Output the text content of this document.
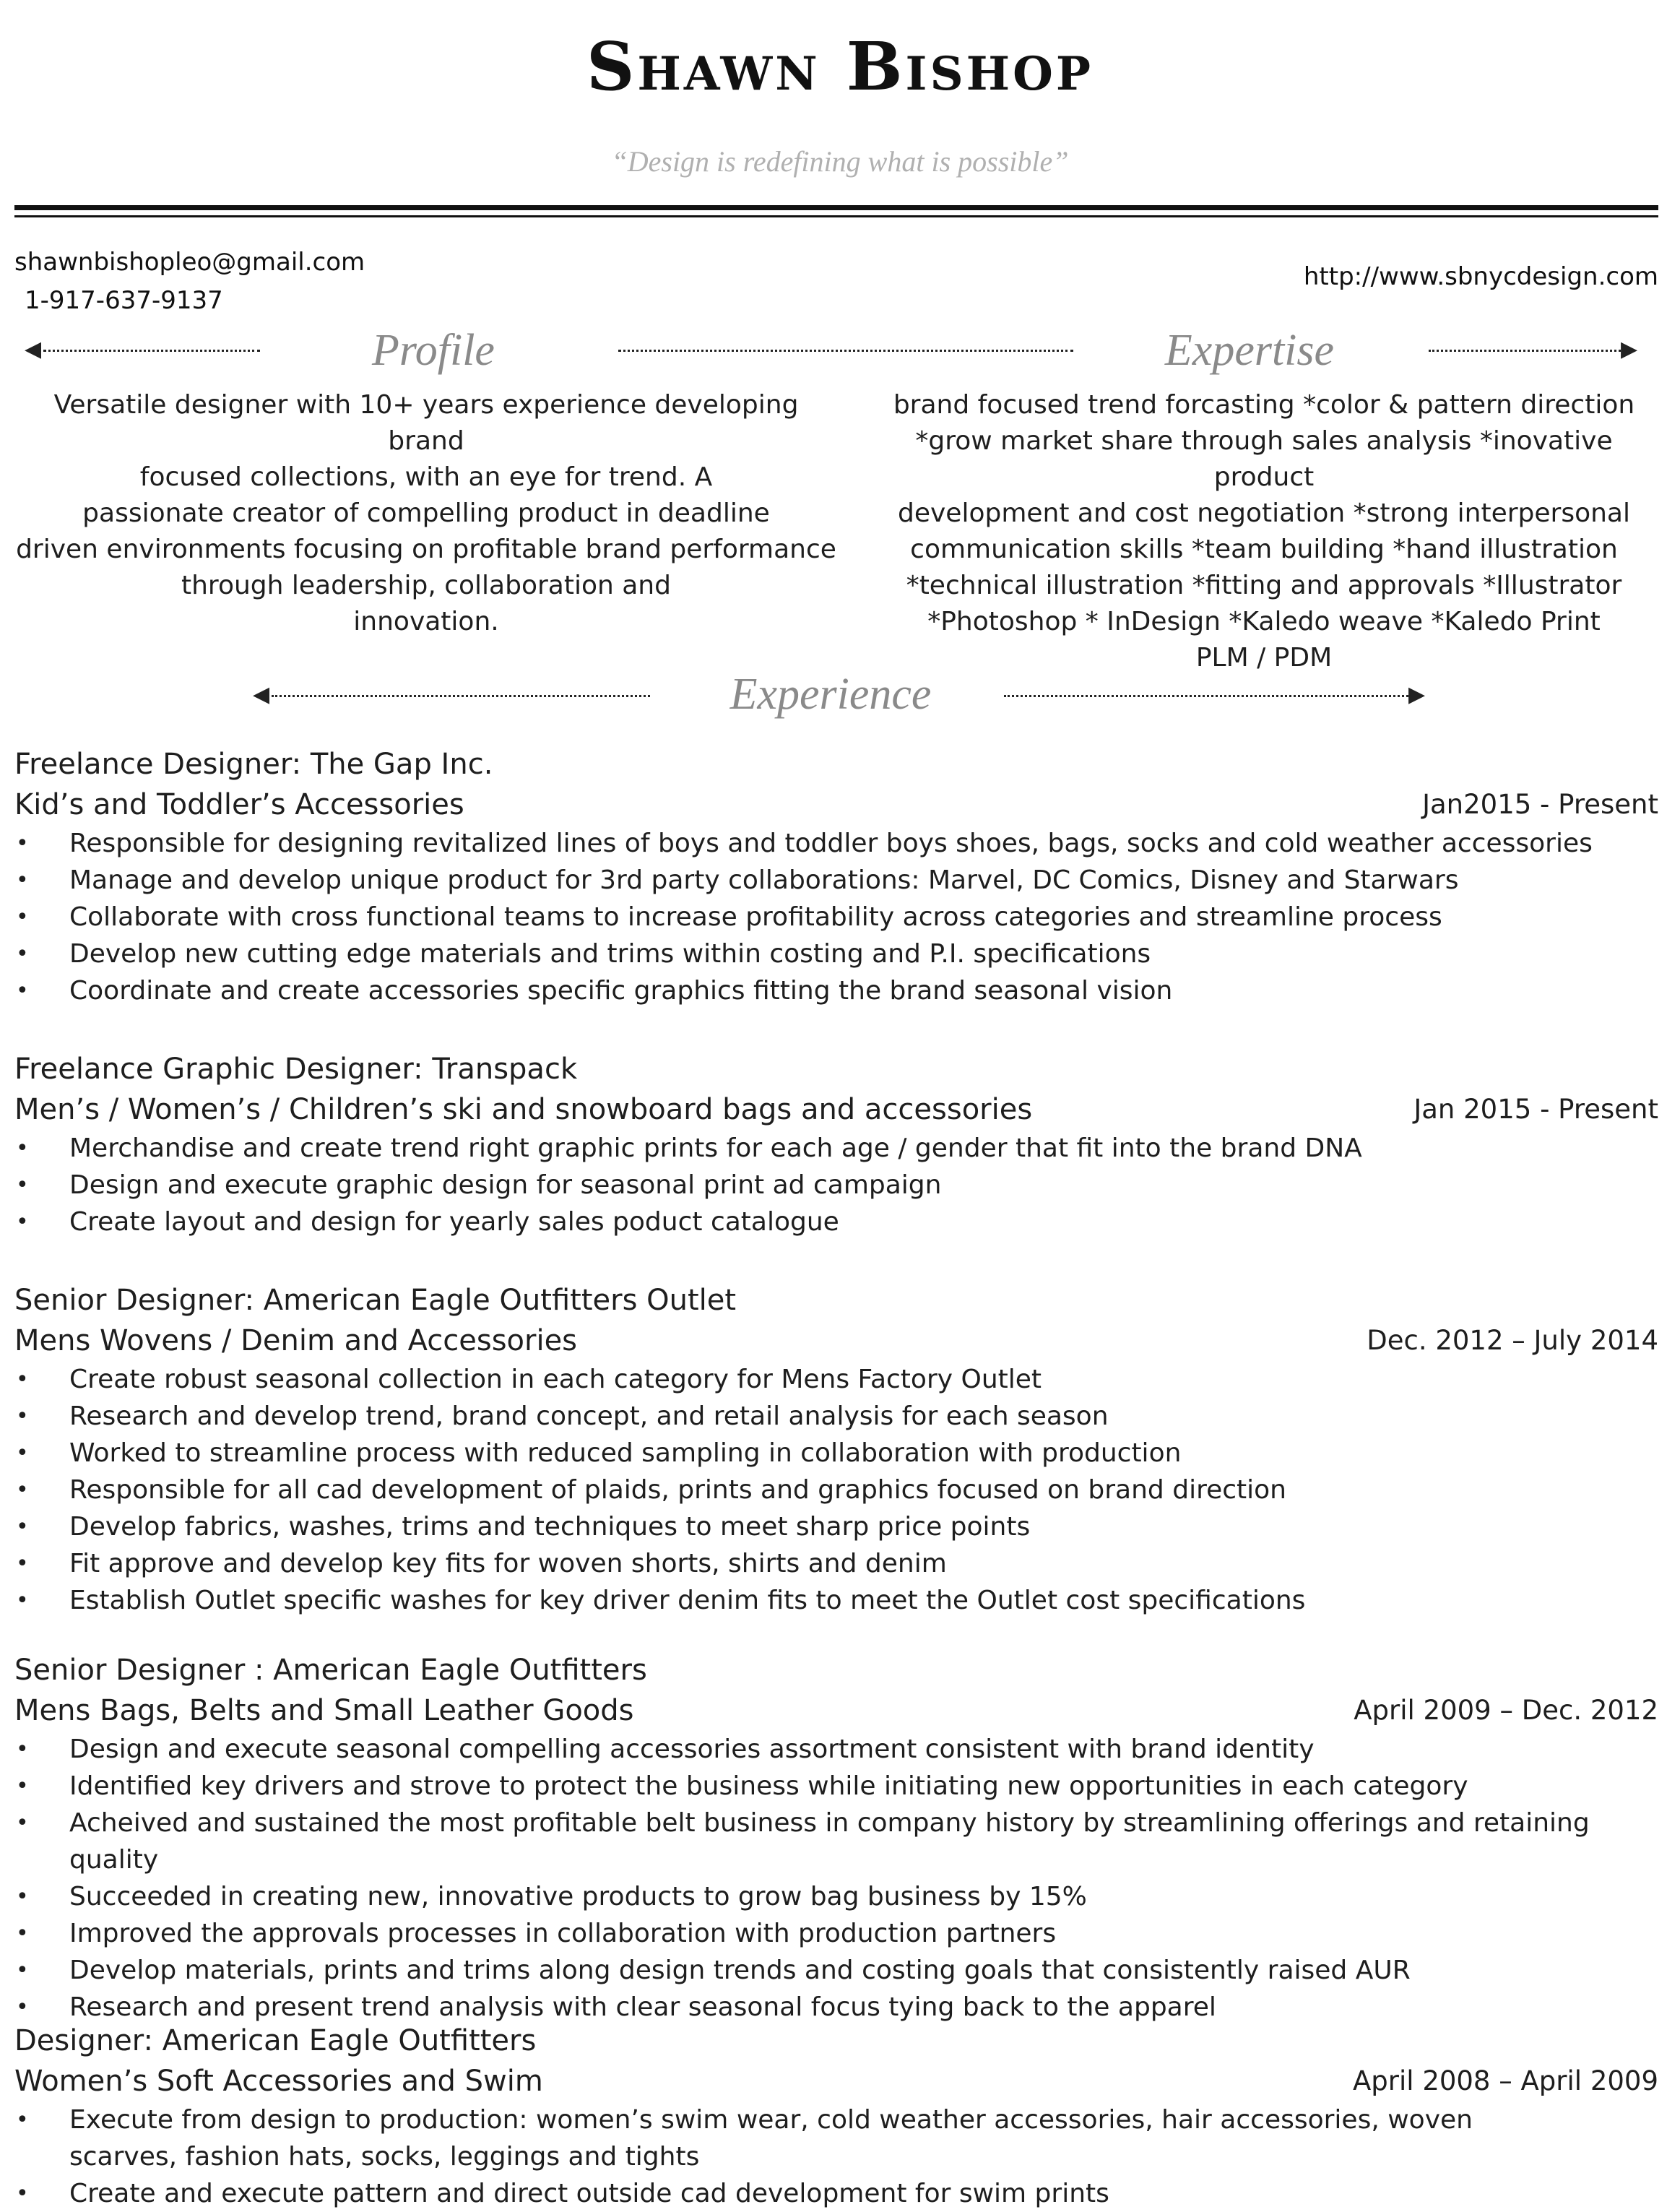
Shawn Bishop
“Design is redefining what is possible”
shawnbishopleo@gmail.com
1-917-637-9137
http://www.sbnycdesign.com
◀	Profile	Expertise	▶
Versatile designer with 10+ years experience developing brand
focused collections, with an eye for trend. A
passionate creator of compelling product in deadline
driven environments focusing on profitable brand performance
through leadership, collaboration and
innovation.
brand focused trend forcasting *color & pattern direction
*grow market share through sales analysis *inovative product
development and cost negotiation *strong interpersonal
communication skills *team building *hand illustration
*technical illustration *fitting and approvals *Illustrator
*Photoshop * InDesign *Kaledo weave *Kaledo Print
PLM / PDM
◀	Experience	▶
Freelance Designer: The Gap Inc.
Kid’s and Toddler’s Accessories	Jan2015 - Present
• Responsible for designing revitalized lines of boys and toddler boys shoes, bags, socks and cold weather accessories
• Manage and develop unique product for 3rd party collaborations: Marvel, DC Comics, Disney and Starwars
• Collaborate with cross functional teams to increase profitability across categories and streamline process
• Develop new cutting edge materials and trims within costing and P.I. specifications
• Coordinate and create accessories specific graphics fitting the brand seasonal vision
Freelance Graphic Designer: Transpack
Men’s / Women’s / Children’s ski and snowboard bags and accessories	Jan 2015 - Present
• Merchandise and create trend right graphic prints for each age / gender that fit into the brand DNA
• Design and execute graphic design for seasonal print ad campaign
• Create layout and design for yearly sales poduct catalogue
Senior Designer: American Eagle Outfitters Outlet
Mens Wovens / Denim and Accessories	Dec. 2012 – July 2014
• Create robust seasonal collection in each category for Mens Factory Outlet
• Research and develop trend, brand concept, and retail analysis for each season
• Worked to streamline process with reduced sampling in collaboration with production
• Responsible for all cad development of plaids, prints and graphics focused on brand direction
• Develop fabrics, washes, trims and techniques to meet sharp price points
• Fit approve and develop key fits for woven shorts, shirts and denim
• Establish Outlet specific washes for key driver denim fits to meet the Outlet cost specifications
Senior Designer : American Eagle Outfitters
Mens Bags, Belts and Small Leather Goods	April 2009 – Dec. 2012
• Design and execute seasonal compelling accessories assortment consistent with brand identity
• Identified key drivers and strove to protect the business while initiating new opportunities in each category
• Acheived and sustained the most profitable belt business in company history by streamlining offerings and retaining quality
• Succeeded in creating new, innovative products to grow bag business by 15%
• Improved the approvals processes in collaboration with production partners
• Develop materials, prints and trims along design trends and costing goals that consistently raised AUR
• Research and present trend analysis with clear seasonal focus tying back to the apparel
Designer: American Eagle Outfitters
Women’s Soft Accessories and Swim	April 2008 – April 2009
• Execute from design to production: women’s swim wear, cold weather accessories, hair accessories, woven scarves, fashion hats, socks, leggings and tights
• Create and execute pattern and direct outside cad development for swim prints
